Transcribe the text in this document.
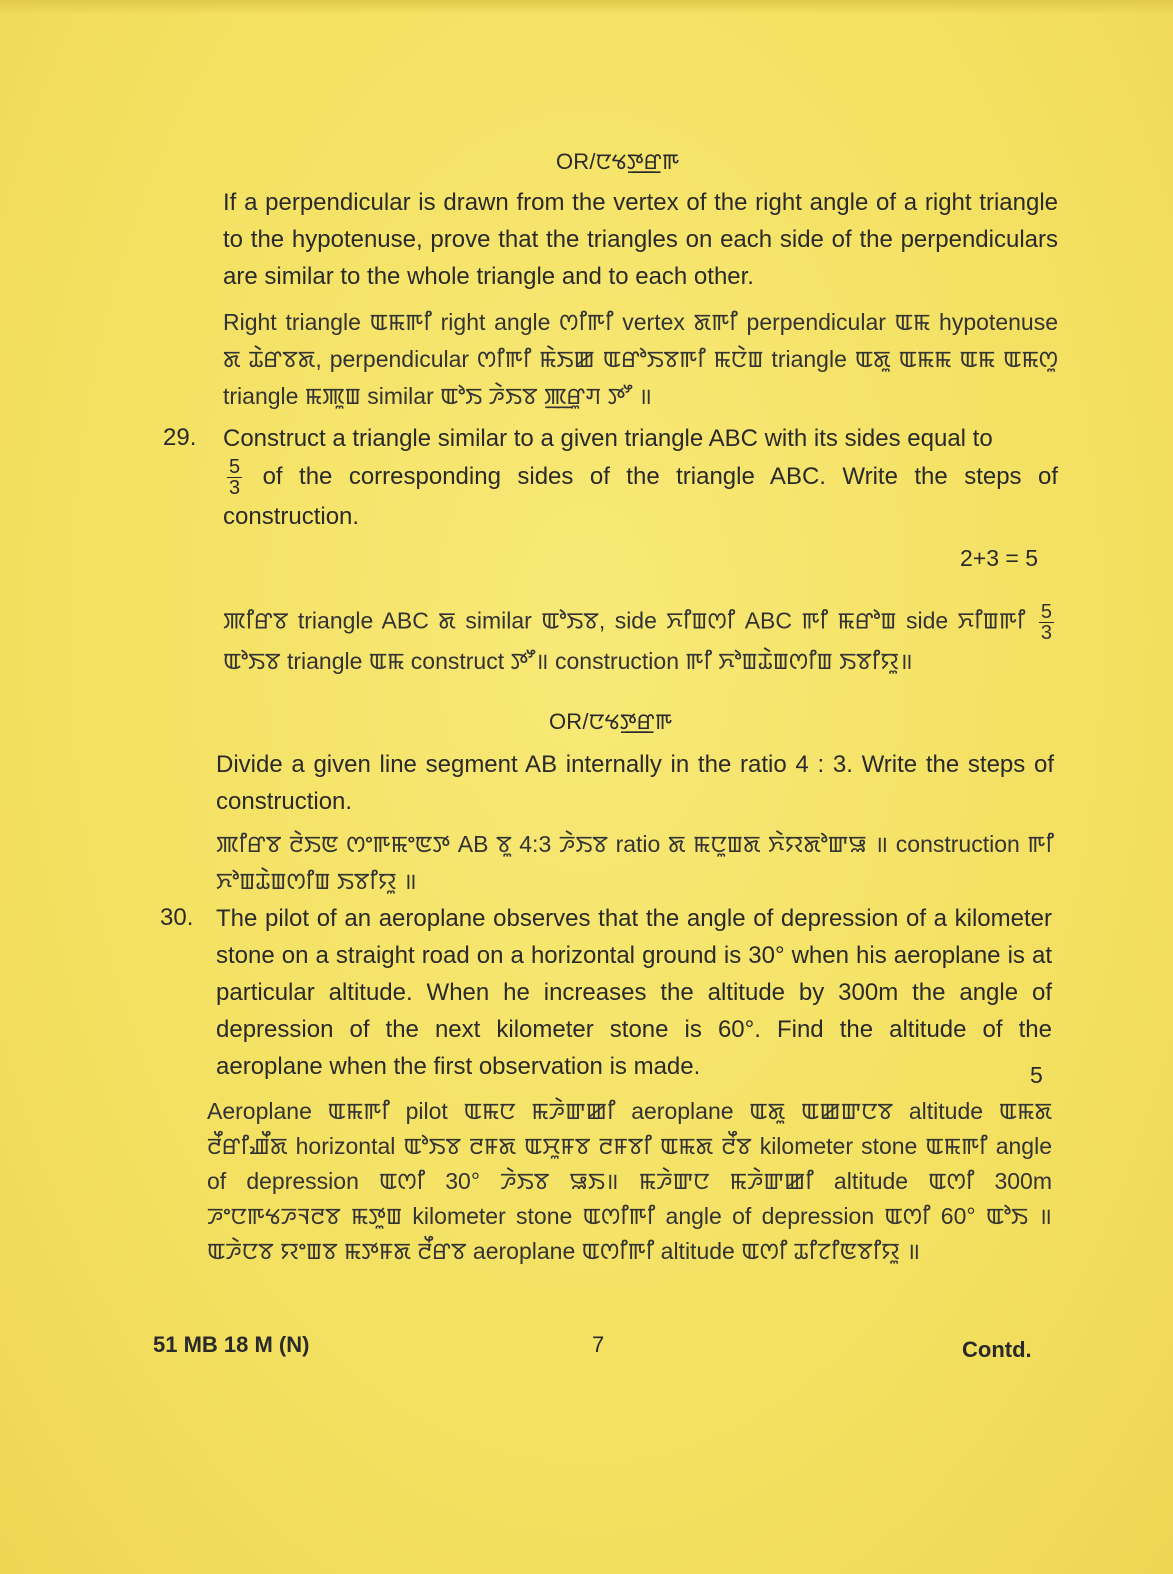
OR/ꯅꯠꯇ꯭ꯔꯒ
If a perpendicular is drawn from the vertex of the right angle of a right triangle to the hypotenuse, prove that the triangles on each side of the perpendiculars are similar to the whole triangle and to each other.
Right triangle ꯑꯃꯒꯤ right angle ꯁꯤꯒꯤ vertex ꯗꯒꯤ perpendicular ꯑꯃ hypotenuse ꯗ ꯊꯥꯔꯕꯗ, perpendicular ꯁꯤꯒꯤ ꯃꯥꯏꯀ ꯑꯔꯣꯏꯕꯒꯤ ꯃꯅꯥꯡ triangle ꯑꯗꯨ ꯑꯃꯃ ꯑꯃ ꯑꯃꯁꯨ triangle ꯃꯄꯨꯡ similar ꯑꯣꯏ ꯍꯥꯏꯕ ꯄ꯭ꯔꯨꯚ ꯇꯧ ॥
29. Construct a triangle similar to a given triangle ABC with its sides equal to

$\frac{5}{3}$ of the corresponding sides of the triangle ABC. Write the steps of construction.
2+3 = 5
ꯄꯤꯔꯕ triangle ABC ꯗ similar ꯑꯣꯏꯕ, side ꯈꯤꯡꯁꯤ ABC ꯒꯤ ꯃꯔꯣꯡ side ꯈꯤꯡꯒꯤ $\frac{5}{3}$
ꯑꯣꯏꯕ triangle ꯑꯃ construct ꯇꯧ॥ construction ꯒꯤ ꯈꯣꯡꯊꯥꯡꯁꯤꯡ ꯏꯕꯤꯌꯨ॥
OR/ꯅꯠꯇ꯭ꯔꯒ
Divide a given line segment AB internally in the ratio 4 : 3. Write the steps of construction.
ꯄꯤꯔꯕ ꯂꯥꯏꯟ ꯁꯦꯒꯃꯦꯟꯇ AB ꯕꯨ 4:3 ꯍꯥꯏꯕ ratio ꯗ ꯃꯅꯨꯡꯗ ꯈꯥꯌꯗꯣꯛꯎ ॥ construction ꯒꯤ ꯈꯣꯡꯊꯥꯡꯁꯤꯡ ꯏꯕꯤꯌꯨ ॥
30. The pilot of an aeroplane observes that the angle of depression of a kilometer stone on a straight road on a horizontal ground is 30° when his aeroplane is at particular altitude. When he increases the altitude by 300m the angle of depression of the next kilometer stone is 60°. Find the altitude of the aeroplane when the first observation is made.	5
Aeroplane ꯑꯃꯒꯤ pilot ꯑꯃꯅ ꯃꯍꯥꯛꯀꯤ aeroplane ꯑꯗꯨ ꯑꯀꯛꯅꯕ altitude ꯑꯃꯗ ꯂꯩꯔꯤꯉꯩꯗ horizontal ꯑꯣꯏꯕ ꯂꯝꯗ ꯑꯆꯨꯝꯕ ꯂꯝꯕꯤ ꯑꯃꯗ ꯂꯩꯕ kilometer stone ꯑꯃꯒꯤ angle of depression ꯑꯁꯤ 30° ꯍꯥꯏꯕ ꯎꯏ॥ ꯃꯍꯥꯛꯅ ꯃꯍꯥꯛꯀꯤ altitude ꯑꯁꯤ 300m ꯍꯦꯅꯒꯠꯍꯜꯂꯕ ꯃꯇꯨꯡ kilometer stone ꯑꯁꯤꯒꯤ angle of depression ꯑꯁꯤ 60° ꯑꯣꯏ ॥ ꯑꯍꯥꯅꯕ ꯌꯦꯡꯕ ꯃꯇꯝꯗ ꯂꯩꯔꯕ aeroplane ꯑꯁꯤꯒꯤ altitude ꯑꯁꯤ ꯊꯤꯖꯤꯟꯕꯤꯌꯨ ॥
51 MB 18 M (N)	7	Contd.
